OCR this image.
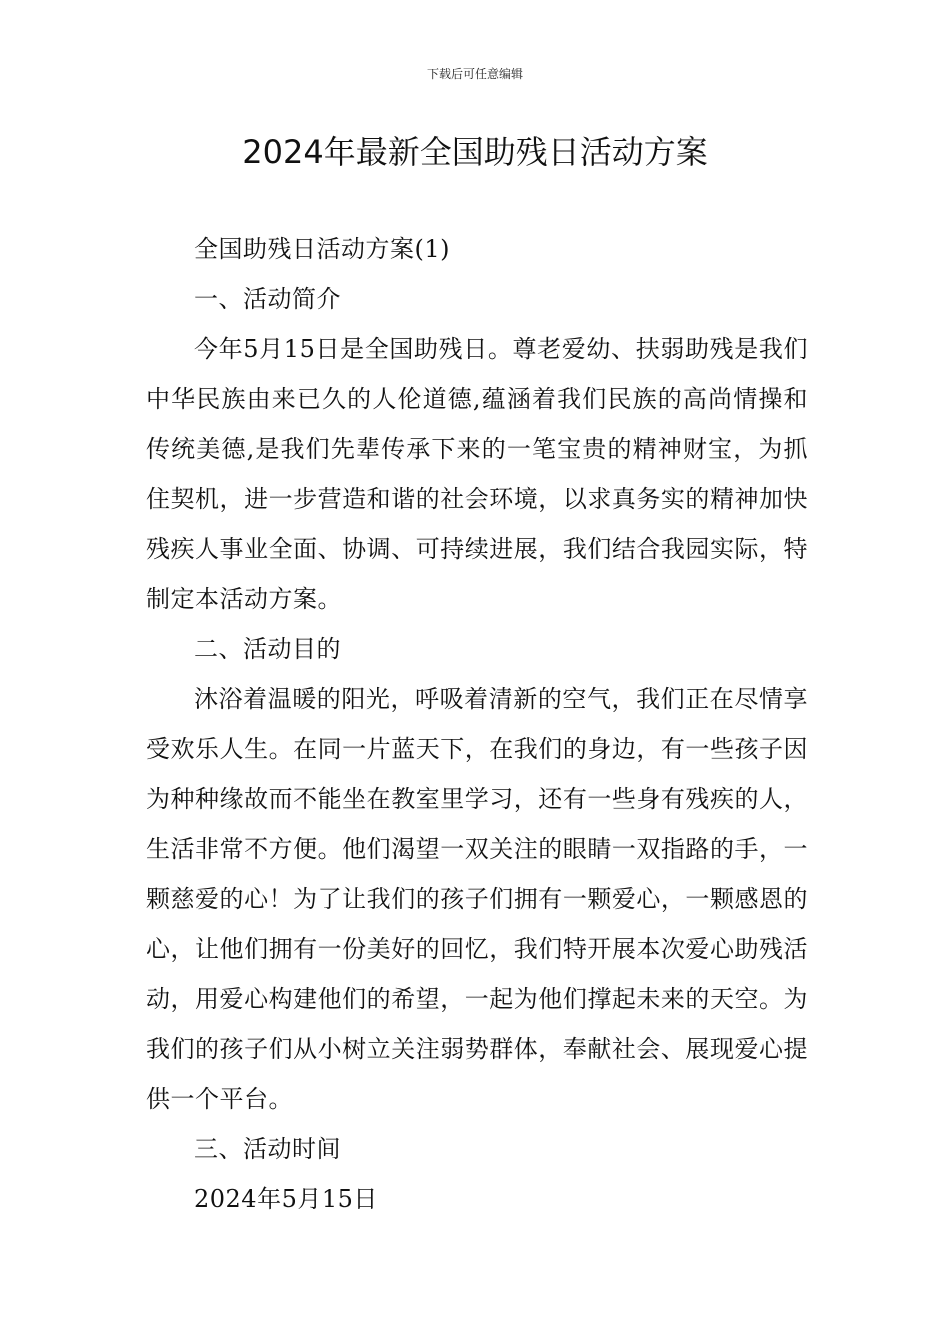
下载后可任意编辑
2024年最新全国助残日活动方案

全国助残日活动方案(1)

一、活动简介

今年5月15日是全国助残日。尊老爱幼、扶弱助残是我们中华民族由来已久的人伦道德,蕴涵着我们民族的高尚情操和传统美德,是我们先辈传承下来的一笔宝贵的精神财宝，为抓住契机，进一步营造和谐的社会环境，以求真务实的精神加快残疾人事业全面、协调、可持续进展，我们结合我园实际，特制定本活动方案。

二、活动目的

沐浴着温暖的阳光，呼吸着清新的空气，我们正在尽情享受欢乐人生。在同一片蓝天下，在我们的身边，有一些孩子因为种种缘故而不能坐在教室里学习，还有一些身有残疾的人，生活非常不方便。他们渴望一双关注的眼睛一双指路的手，一颗慈爱的心！为了让我们的孩子们拥有一颗爱心，一颗感恩的心，让他们拥有一份美好的回忆，我们特开展本次爱心助残活动，用爱心构建他们的希望，一起为他们撑起未来的天空。为我们的孩子们从小树立关注弱势群体，奉献社会、展现爱心提供一个平台。

三、活动时间

2024年5月15日
